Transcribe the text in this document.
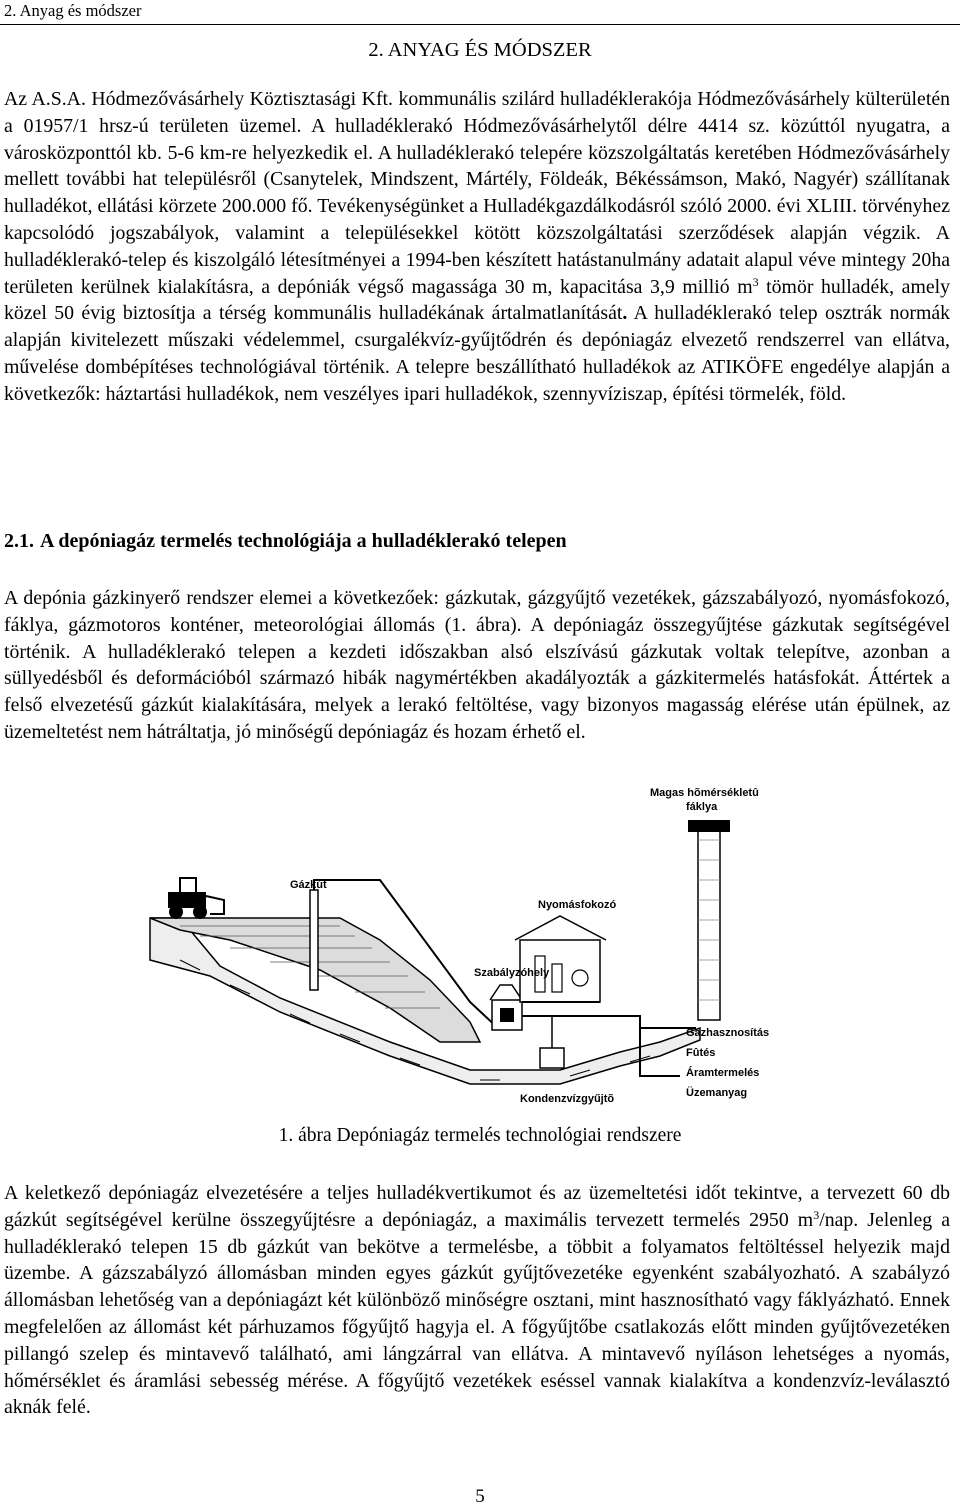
2. Anyag és módszer
2. ANYAG ÉS MÓDSZER

Az A.S.A. Hódmezővásárhely Köztisztasági Kft. kommunális szilárd hulladéklerakója Hódmezővásárhely külterületén a 01957/1 hrsz-ú területen üzemel. A hulladéklerakó Hódmezővásárhelytől délre 4414 sz. közúttól nyugatra, a városközponttól kb. 5-6 km-re helyezkedik el. A hulladéklerakó telepére közszolgáltatás keretében Hódmezővásárhely mellett további hat településről (Csanytelek, Mindszent, Mártély, Földeák, Békéssámson, Makó, Nagyér) szállítanak hulladékot, ellátási körzete 200.000 fő. Tevékenységünket a Hulladékgazdálkodásról szóló 2000. évi XLIII. törvényhez kapcsolódó jogszabályok, valamint a településekkel kötött közszolgáltatási szerződések alapján végzik. A hulladéklerakó-telep és kiszolgáló létesítményei a 1994-ben készített hatástanulmány adatait alapul véve mintegy 20ha területen kerülnek kialakításra, a depóniák végső magassága 30 m, kapacitása 3,9 millió $m^3$ tömör hulladék, amely közel 50 évig biztosítja a térség kommunális hulladékának ártalmatlanítását. A hulladéklerakó telep osztrák normák alapján kivitelezett műszaki védelemmel, csurgalékvíz-gyűjtődrén és depóniagáz elvezető rendszerrel van ellátva, művelése dombépítéses technológiával történik. A telepre beszállítható hulladékok az ATIKÖFE engedélye alapján a következők: háztartási hulladékok, nem veszélyes ipari hulladékok, szennyvíziszap, építési törmelék, föld.

2.1. A depóniagáz termelés technológiája a hulladéklerakó telepen

A depónia gázkinyerő rendszer elemei a következőek: gázkutak, gázgyűjtő vezetékek, gázszabályozó, nyomásfokozó, fáklya, gázmotoros konténer, meteorológiai állomás (1. ábra). A depóniagáz összegyűjtése gázkutak segítségével történik. A hulladéklerakó telepen a kezdeti időszakban alsó elszívású gázkutak voltak telepítve, azonban a süllyedésből és deformációból származó hibák nagymértékben akadályozták a gázkitermelés hatásfokát. Áttértek a felső elvezetésű gázkút kialakítására, melyek a lerakó feltöltése, vagy bizonyos magasság elérése után épülnek, az üzemeltetést nem hátráltatja, jó minőségű depóniagáz és hozam érhető el.

Magas hõmérsékletû fáklya
Gázkút
Nyomásfokozó
Szabályzóhely
Kondenzvízgyűjtõ
Gázhasznosítás
Fûtés
Áramtermelés
Üzemanyag
1. ábra Depóniagáz termelés technológiai rendszere

A keletkező depóniagáz elvezetésére a teljes hulladékvertikumot és az üzemeltetési időt tekintve, a tervezett 60 db gázkút segítségével kerülne összegyűjtésre a depóniagáz, a maximális tervezett termelés 2950 $m^3$/nap. Jelenleg a hulladéklerakó telepen 15 db gázkút van bekötve a termelésbe, a többit a folyamatos feltöltéssel helyezik majd üzembe. A gázszabályzó állomásban minden egyes gázkút gyűjtővezetéke egyenként szabályozható. A szabályzó állomásban lehetőség van a depóniagázt két különböző minőségre osztani, mint hasznosítható vagy fáklyázható. Ennek megfelelően az állomást két párhuzamos főgyűjtő hagyja el. A főgyűjtőbe csatlakozás előtt minden gyűjtővezetéken pillangó szelep és mintavevő található, ami lángzárral van ellátva. A mintavevő nyíláson lehetséges a nyomás, hőmérséklet és áramlási sebesség mérése. A főgyűjtő vezetékek eséssel vannak kialakítva a kondenzvíz-leválasztó aknák felé.

5
